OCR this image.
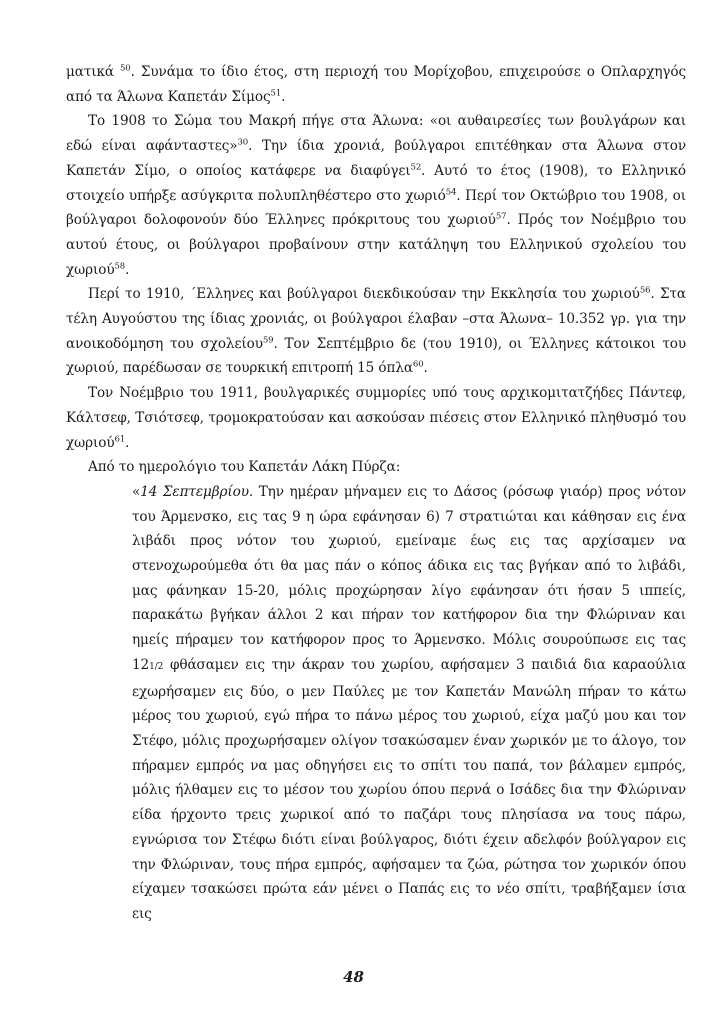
ματικά $^{50}$. Συνάμα το ίδιο έτος, στη περιοχή του Μορίχοβου, επιχειρούσε ο Οπλαρχηγός από τα Άλωνα Καπετάν Σίμος$^{51}$.

Το 1908 το Σώμα του Μακρή πήγε στα Άλωνα: «οι αυθαιρεσίες των βουλγάρων και εδώ είναι αφάνταστες»$^{30}$. Την ίδια χρονιά, βούλγαροι επιτέθηκαν στα Άλωνα στον Καπετάν Σίμο, ο οποίος κατάφερε να διαφύγει$^{52}$. Αυτό το έτος (1908), το Ελληνικό στοιχείο υπήρξε ασύγκριτα πολυπληθέστερο στο χωριό$^{54}$. Περί τον Οκτώβριο του 1908, οι βούλγαροι δολοφονούν δύο Έλληνες πρόκριτους του χωριού$^{57}$. Πρός τον Νοέμβριο του αυτού έτους, οι βούλγαροι προβαίνουν στην κατάληψη του Ελληνικού σχολείου του χωριού$^{58}$.

Περί το 1910, ΄Ελληνες και βούλγαροι διεκδικούσαν την Εκκλησία του χωριού$^{56}$. Στα τέλη Αυγούστου της ίδιας χρονιάς, οι βούλγαροι έλαβαν –στα Άλωνα– 10.352 γρ. για την ανοικοδόμηση του σχολείου$^{59}$. Τον Σεπτέμβριο δε (του 1910), οι Έλληνες κάτοικοι του χωριού, παρέδωσαν σε τουρκική επιτροπή 15 όπλα$^{60}$.

Τον Νοέμβριο του 1911, βουλγαρικές συμμορίες υπό τους αρχικομιτατζήδες Πάντεφ, Κάλτσεφ, Τσιότσεφ, τρομοκρατούσαν και ασκούσαν πιέσεις στον Ελληνικό πληθυσμό του χωριού$^{61}$.

Από το ημερολόγιο του Καπετάν Λάκη Πύρζα:

«14 Σεπτεμβρίου. Την ημέραν μήναμεν εις το Δάσος (ρόσωφ γιαόρ) προς νότον του Άρμενσκο, εις τας 9 η ώρα εφάνησαν 6) 7 στρατιώται και κάθησαν εις ένα λιβάδι προς νότον του χωριού, εμείναμε έως εις τας αρχίσαμεν να στενοχωρούμεθα ότι θα μας πάν ο κόπος άδικα εις τας βγήκαν από το λιβάδι, μας φάνηκαν 15-20, μόλις προχώρησαν λίγο εφάνησαν ότι ήσαν 5 ιππείς, παρακάτω βγήκαν άλλοι 2 και πήραν τον κατήφορον δια την Φλώριναν και ημείς πήραμεν τον κατήφορον προς το Άρμενσκο. Μόλις σουρούπωσε εις τας 121/2 φθάσαμεν εις την άκραν του χωρίου, αφήσαμεν 3 παιδιά δια καραούλια εχωρήσαμεν εις δύο, ο μεν Παύλες με τον Καπετάν Μανώλη πήραν το κάτω μέρος του χωριού, εγώ πήρα το πάνω μέρος του χωριού, είχα μαζύ μου και τον Στέφο, μόλις προχωρήσαμεν ολίγον τσακώσαμεν έναν χωρικόν με το άλογο, τον πήραμεν εμπρός να μας οδηγήσει εις το σπίτι του παπά, τον βάλαμεν εμπρός, μόλις ήλθαμεν εις το μέσον του χωρίου όπου περνά ο Ισάδες δια την Φλώριναν είδα ήρχοντο τρεις χωρικοί από το παζάρι τους πλησίασα να τους πάρω, εγνώρισα τον Στέφω διότι είναι βούλγαρος, διότι έχειν αδελφόν βούλγαρον εις την Φλώριναν, τους πήρα εμπρός, αφήσαμεν τα ζώα, ρώτησα τον χωρικόν όπου είχαμεν τσακώσει πρώτα εάν μένει ο Παπάς εις το νέο σπίτι, τραβήξαμεν ίσια εις

48
